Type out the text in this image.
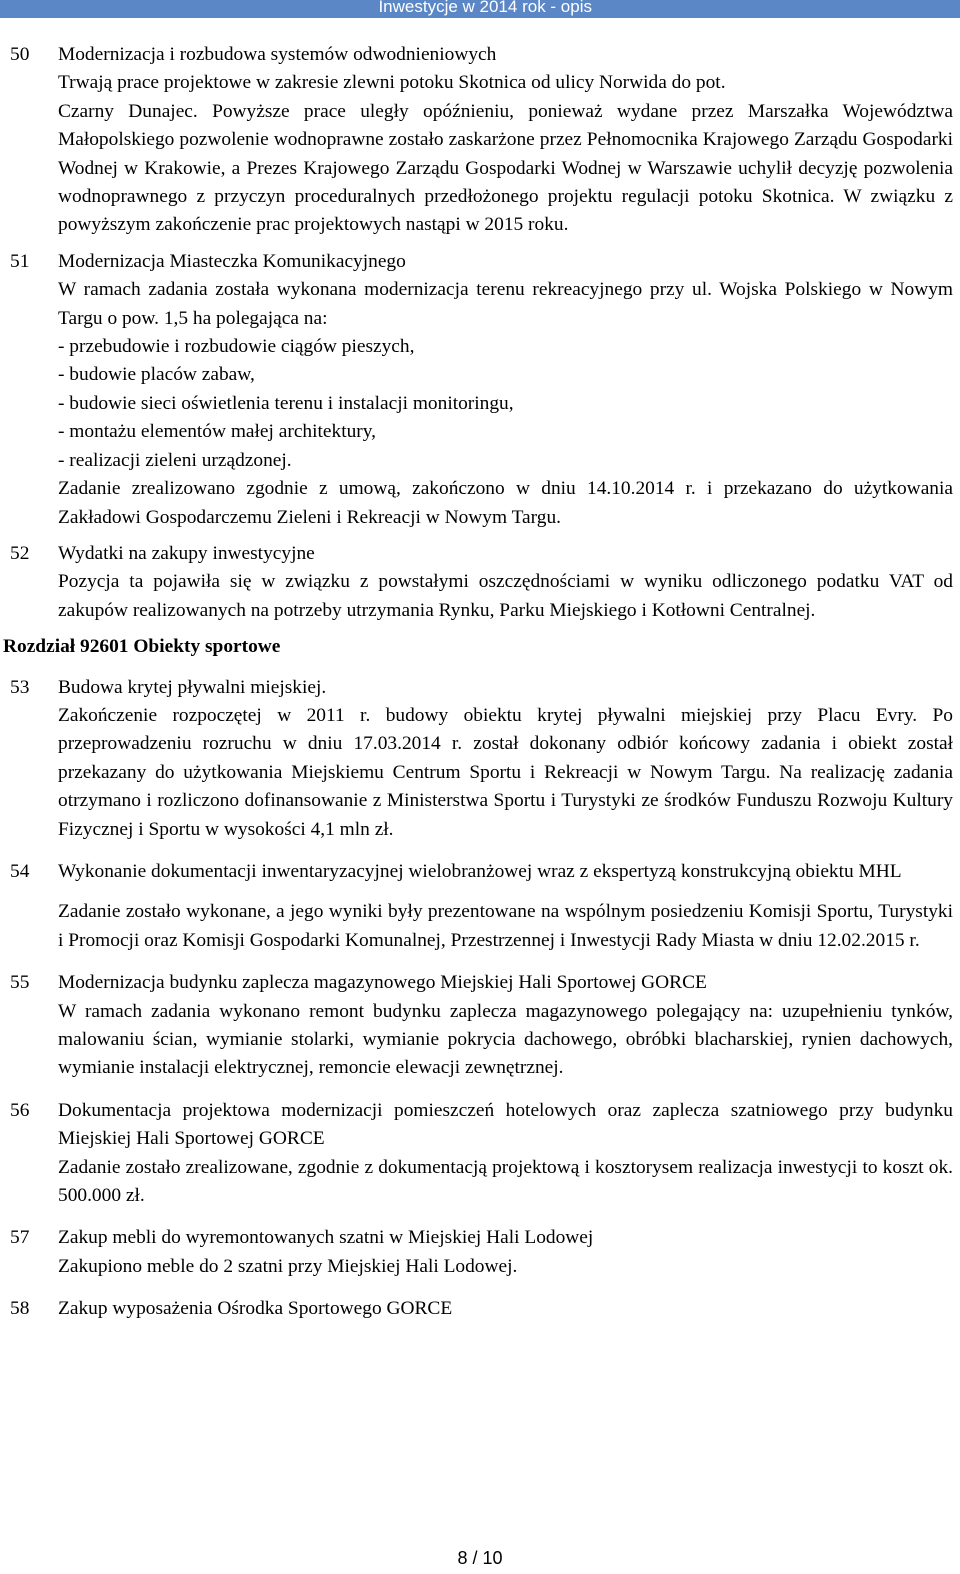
Inwestycje w 2014 rok - opis
50	Modernizacja i rozbudowa systemów odwodnieniowych
Trwają prace projektowe w zakresie zlewni potoku Skotnica od ulicy Norwida do pot.
Czarny Dunajec. Powyższe prace uległy opóźnieniu, ponieważ wydane przez Marszałka Województwa Małopolskiego pozwolenie wodnoprawne zostało zaskarżone przez Pełnomocnika Krajowego Zarządu Gospodarki Wodnej w Krakowie, a Prezes Krajowego Zarządu Gospodarki Wodnej w Warszawie uchylił decyzję pozwolenia wodnoprawnego z przyczyn proceduralnych przedłożonego projektu regulacji potoku Skotnica. W związku z powyższym zakończenie prac projektowych nastąpi w 2015 roku.
51	Modernizacja Miasteczka Komunikacyjnego
W ramach zadania została wykonana modernizacja terenu rekreacyjnego przy ul. Wojska Polskiego w Nowym Targu o pow. 1,5 ha polegająca na:
- przebudowie i rozbudowie ciągów pieszych,
- budowie placów zabaw,
- budowie sieci oświetlenia terenu i instalacji monitoringu,
- montażu elementów małej architektury,
- realizacji zieleni urządzonej.
Zadanie zrealizowano zgodnie z umową, zakończono w dniu 14.10.2014 r. i przekazano do użytkowania Zakładowi Gospodarczemu Zieleni i Rekreacji w Nowym Targu.
52	Wydatki na zakupy inwestycyjne
Pozycja ta pojawiła się w związku z powstałymi oszczędnościami w wyniku odliczonego podatku VAT od zakupów realizowanych na potrzeby utrzymania Rynku, Parku Miejskiego i Kotłowni Centralnej.
Rozdział 92601 Obiekty sportowe
53	Budowa krytej pływalni miejskiej.
Zakończenie rozpoczętej w 2011 r. budowy obiektu krytej pływalni miejskiej przy Placu Evry. Po przeprowadzeniu rozruchu w dniu 17.03.2014 r. został dokonany odbiór końcowy zadania i obiekt został przekazany do użytkowania Miejskiemu Centrum Sportu i Rekreacji w Nowym Targu. Na realizację zadania otrzymano i rozliczono dofinansowanie z Ministerstwa Sportu i Turystyki ze środków Funduszu Rozwoju Kultury Fizycznej i Sportu w wysokości 4,1 mln zł.
54	Wykonanie dokumentacji inwentaryzacyjnej wielobranżowej wraz z ekspertyzą konstrukcyjną obiektu MHL
Zadanie zostało wykonane, a jego wyniki były prezentowane na wspólnym posiedzeniu Komisji Sportu, Turystyki i Promocji oraz Komisji Gospodarki Komunalnej, Przestrzennej i Inwestycji Rady Miasta w dniu 12.02.2015 r.
55	Modernizacja budynku zaplecza magazynowego Miejskiej Hali Sportowej GORCE
W ramach zadania wykonano remont budynku zaplecza magazynowego polegający na: uzupełnieniu tynków, malowaniu ścian, wymianie stolarki, wymianie pokrycia dachowego, obróbki blacharskiej, rynien dachowych, wymianie instalacji elektrycznej, remoncie elewacji zewnętrznej.
56	Dokumentacja projektowa modernizacji pomieszczeń hotelowych oraz zaplecza szatniowego przy budynku Miejskiej Hali Sportowej GORCE
Zadanie zostało zrealizowane, zgodnie z dokumentacją projektową i kosztorysem realizacja inwestycji to koszt ok. 500.000 zł.
57	Zakup mebli do wyremontowanych szatni w Miejskiej Hali Lodowej
Zakupiono meble do 2 szatni przy Miejskiej Hali Lodowej.
58	Zakup wyposażenia Ośrodka Sportowego GORCE
8 / 10
